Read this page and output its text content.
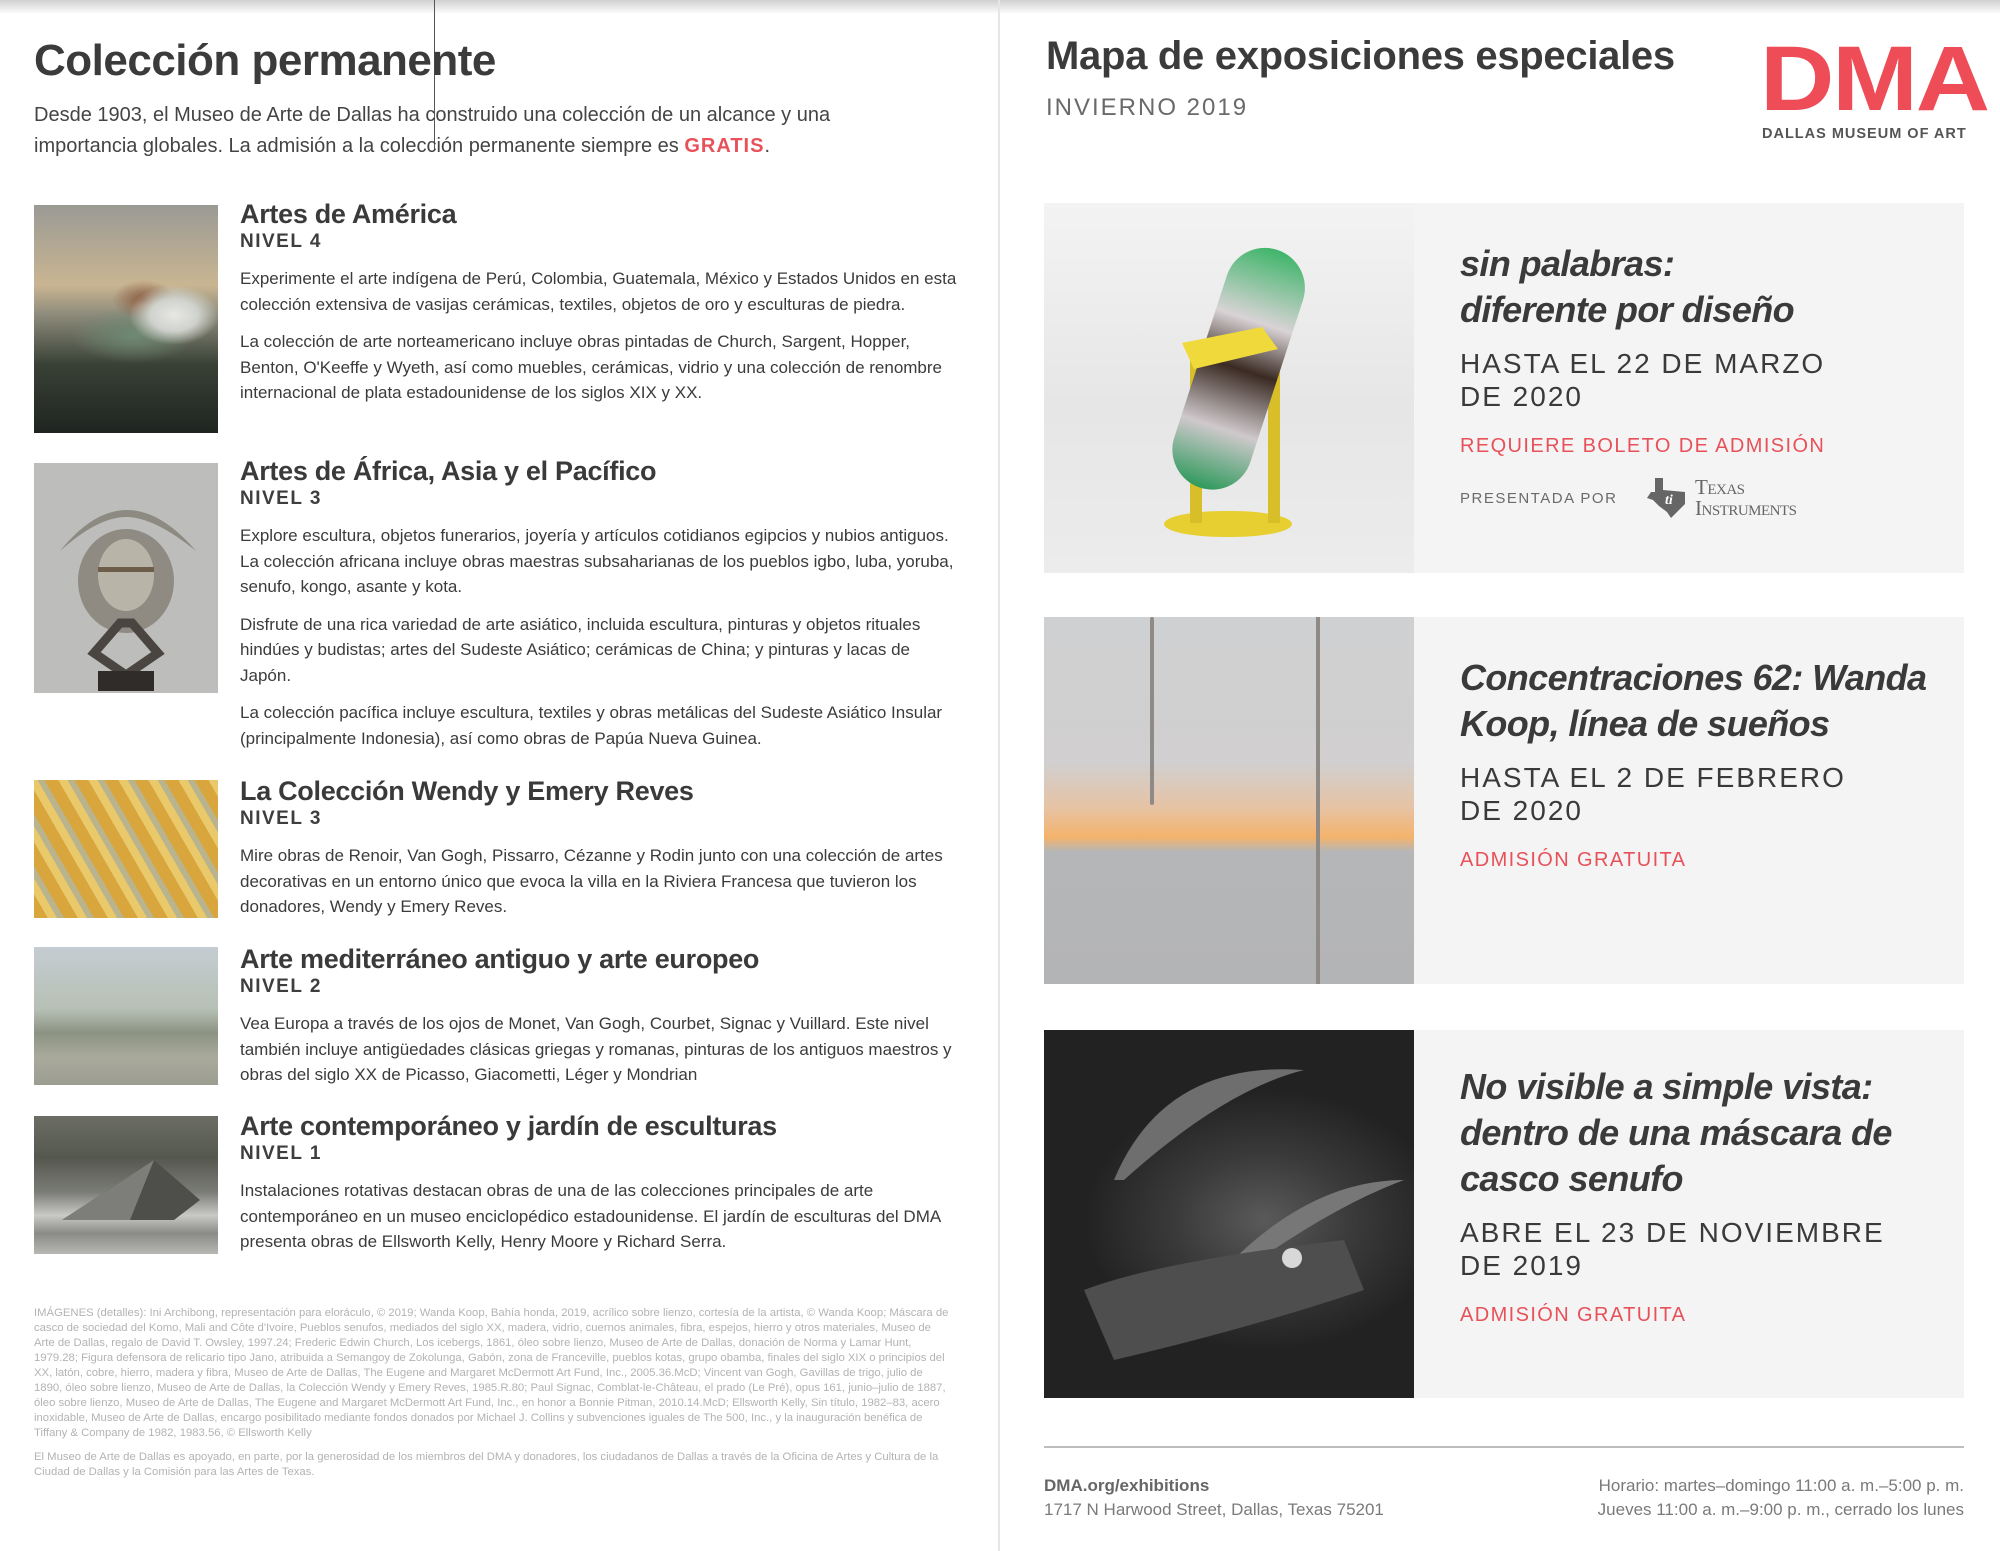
Colección permanente
Desde 1903, el Museo de Arte de Dallas ha construido una colección de un alcance y una importancia globales. La admisión a la colección permanente siempre es GRATIS.
Artes de América
NIVEL 4

Experimente el arte indígena de Perú, Colombia, Guatemala, México y Estados Unidos en esta colección extensiva de vasijas cerámicas, textiles, objetos de oro y esculturas de piedra.

La colección de arte norteamericano incluye obras pintadas de Church, Sargent, Hopper, Benton, O'Keeffe y Wyeth, así como muebles, cerámicas, vidrio y una colección de renombre internacional de plata estadounidense de los siglos XIX y XX.

Artes de África, Asia y el Pacífico
NIVEL 3

Explore escultura, objetos funerarios, joyería y artículos cotidianos egipcios y nubios antiguos. La colección africana incluye obras maestras subsaharianas de los pueblos igbo, luba, yoruba, senufo, kongo, asante y kota.

Disfrute de una rica variedad de arte asiático, incluida escultura, pinturas y objetos rituales hindúes y budistas; artes del Sudeste Asiático; cerámicas de China; y pinturas y lacas de Japón.

La colección pacífica incluye escultura, textiles y obras metálicas del Sudeste Asiático Insular (principalmente Indonesia), así como obras de Papúa Nueva Guinea.

La Colección Wendy y Emery Reves
NIVEL 3

Mire obras de Renoir, Van Gogh, Pissarro, Cézanne y Rodin junto con una colección de artes decorativas en un entorno único que evoca la villa en la Riviera Francesa que tuvieron los donadores, Wendy y Emery Reves.

Arte mediterráneo antiguo y arte europeo
NIVEL 2

Vea Europa a través de los ojos de Monet, Van Gogh, Courbet, Signac y Vuillard. Este nivel también incluye antigüedades clásicas griegas y romanas, pinturas de los antiguos maestros y obras del siglo XX de Picasso, Giacometti, Léger y Mondrian

Arte contemporáneo y jardín de esculturas
NIVEL 1

Instalaciones rotativas destacan obras de una de las colecciones principales de arte contemporáneo en un museo enciclopédico estadounidense. El jardín de esculturas del DMA presenta obras de Ellsworth Kelly, Henry Moore y Richard Serra.

IMÁGENES (detalles): Ini Archibong, representación para eloráculo, © 2019; Wanda Koop, Bahía honda, 2019, acrílico sobre lienzo, cortesía de la artista, © Wanda Koop; Máscara de casco de sociedad del Komo, Mali and Côte d'Ivoire, Pueblos senufos, mediados del siglo XX, madera, vidrio, cuernos animales, fibra, espejos, hierro y otros materiales, Museo de Arte de Dallas, regalo de David T. Owsley, 1997.24; Frederic Edwin Church, Los icebergs, 1861, óleo sobre lienzo, Museo de Arte de Dallas, donación de Norma y Lamar Hunt, 1979.28; Figura defensora de relicario tipo Jano, atribuida a Semangoy de Zokolunga, Gabón, zona de Franceville, pueblos kotas, grupo obamba, finales del siglo XIX o principios del XX, latón, cobre, hierro, madera y fibra, Museo de Arte de Dallas, The Eugene and Margaret McDermott Art Fund, Inc., 2005.36.McD; Vincent van Gogh, Gavillas de trigo, julio de 1890, óleo sobre lienzo, Museo de Arte de Dallas, la Colección Wendy y Emery Reves, 1985.R.80; Paul Signac, Comblat-le-Château, el prado (Le Pré), opus 161, junio–julio de 1887, óleo sobre lienzo, Museo de Arte de Dallas, The Eugene and Margaret McDermott Art Fund, Inc., en honor a Bonnie Pitman, 2010.14.McD; Ellsworth Kelly, Sin título, 1982–83, acero inoxidable, Museo de Arte de Dallas, encargo posibilitado mediante fondos donados por Michael J. Collins y subvenciones iguales de The 500, Inc., y la inauguración benéfica de Tiffany & Company de 1982, 1983.56, © Ellsworth Kelly

El Museo de Arte de Dallas es apoyado, en parte, por la generosidad de los miembros del DMA y donadores, los ciudadanos de Dallas a través de la Oficina de Artes y Cultura de la Ciudad de Dallas y la Comisión para las Artes de Texas.

Mapa de exposiciones especiales
INVIERNO 2019	DMA
DALLAS MUSEUM OF ART
sin palabras:
diferente por diseño
HASTA EL 22 DE MARZO
DE 2020
REQUIERE BOLETO DE ADMISIÓN
PRESENTADA POR	ti
Texas
Instruments
Concentraciones 62: Wanda
Koop, línea de sueños
HASTA EL 2 DE FEBRERO
DE 2020
ADMISIÓN GRATUITA
No visible a simple vista:
dentro de una máscara de
casco senufo
ABRE EL 23 DE NOVIEMBRE
DE 2019
ADMISIÓN GRATUITA
DMA.org/exhibitions
1717 N Harwood Street, Dallas, Texas 75201
Horario: martes–domingo 11:00 a. m.–5:00 p. m.
Jueves 11:00 a. m.–9:00 p. m., cerrado los lunes
